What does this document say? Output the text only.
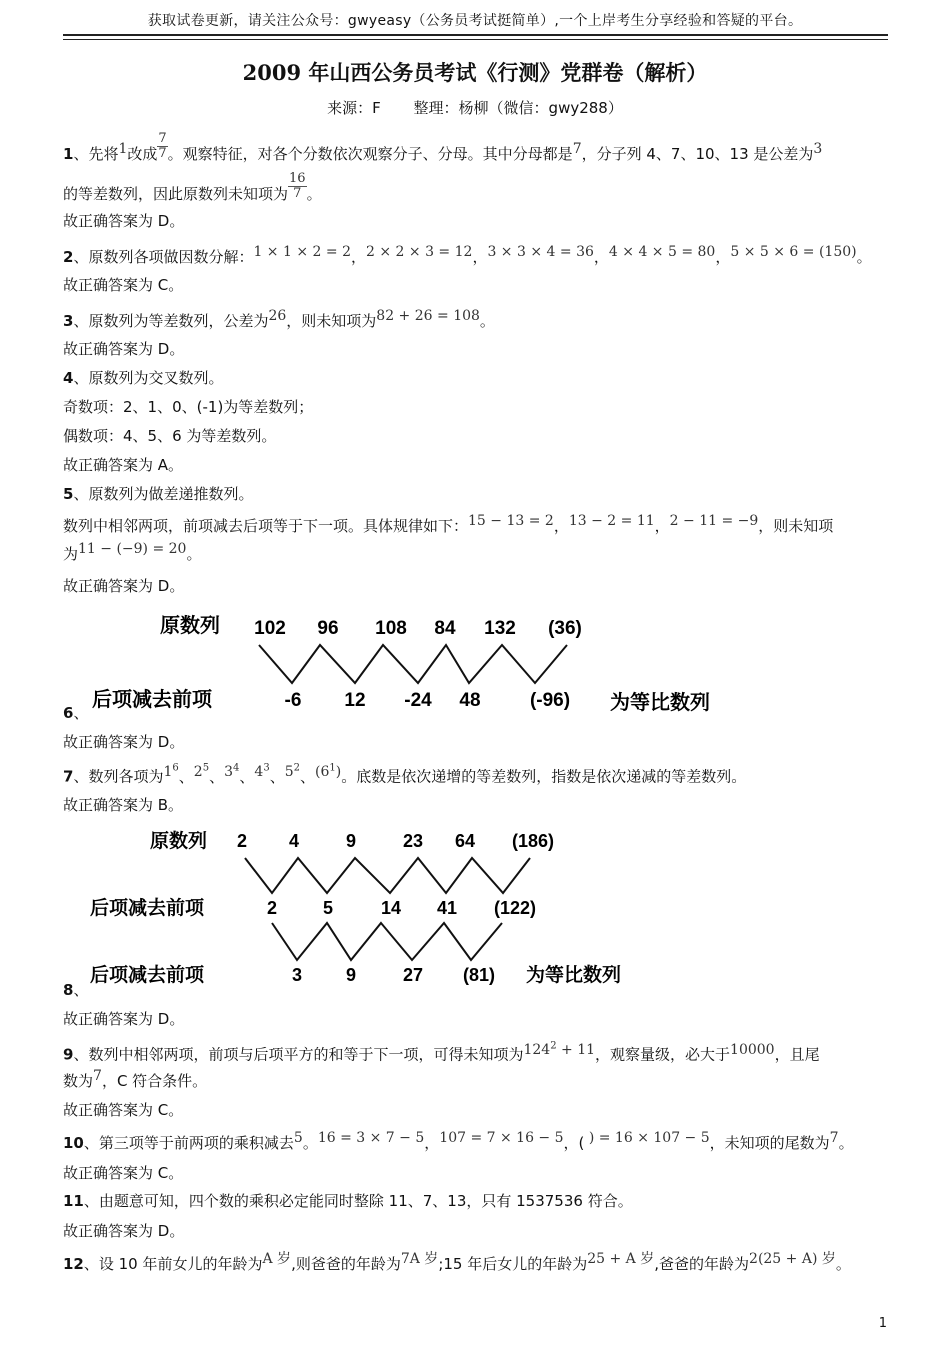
获取试卷更新，请关注公众号：gwyeasy（公务员考试挺简单）,一个上岸考生分享经验和答疑的平台。
2009 年山西公务员考试《行测》党群卷（解析）
来源：F 整理：杨柳（微信：gwy288）
1、先将1改成 $\frac{7}{7}$ 。观察特征，对各个分数依次观察分子、分母。其中分母都是7，分子列 4、7、10、13 是公差为3
的等差数列，因此原数列未知项为 $\frac{16}{7}$ 。
故正确答案为 D。
2、原数列各项做因数分解：1 × 1 × 2 = 2，2 × 2 × 3 = 12，3 × 3 × 4 = 36，4 × 4 × 5 = 80，5 × 5 × 6 = (150)。
故正确答案为 C。
3、原数列为等差数列，公差为26，则未知项为82 + 26 = 108。
故正确答案为 D。
4、原数列为交叉数列。
奇数项：2、1、0、(-1)为等差数列；
偶数项：4、5、6 为等差数列。
故正确答案为 A。
5、原数列为做差递推数列。
数列中相邻两项，前项减去后项等于下一项。具体规律如下：15 − 13 = 2，13 − 2 = 11，2 − 11 = −9，则未知项
为11 − (−9) = 20。
故正确答案为 D。
原数列 102 96 108 84 132 (36)
后项减去前项	-6 12 -24 48	(-96) 为等比数列
6、
故正确答案为 D。
7、数列各项为$1^6$、$2^5$、$3^4$、$4^3$、$5^2$、$(6^1)$。底数是依次递增的等差数列，指数是依次递减的等差数列。
故正确答案为 B。
原数列 2 4	9	23 64 (186)
后项减去前项	2	5	14 41 (122)
后项减去前项	3 9	27 (81) 为等比数列
8、
故正确答案为 D。
9、数列中相邻两项，前项与后项平方的和等于下一项，可得未知项为$124^2 + 11$，观察量级，必大于10000，且尾
数为7，C 符合条件。
故正确答案为 C。
10、第三项等于前两项的乘积减去5。16 = 3 × 7 − 5，107 = 7 × 16 − 5，( ) = 16 × 107 − 5，未知项的尾数为7。
故正确答案为 C。
11、由题意可知，四个数的乘积必定能同时整除 11、7、13，只有 1537536 符合。
故正确答案为 D。
12、设 10 年前女儿的年龄为A 岁,则爸爸的年龄为7A 岁;15 年后女儿的年龄为25 + A 岁,爸爸的年龄为2(25 + A) 岁。
1
